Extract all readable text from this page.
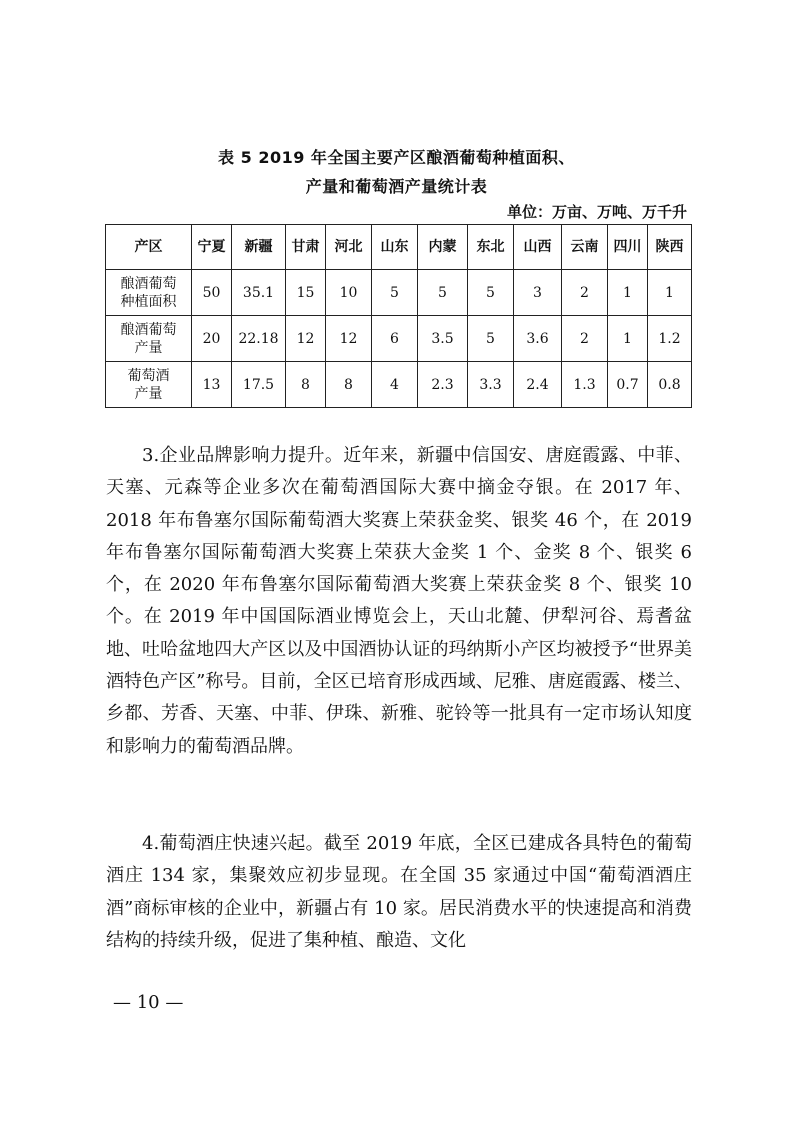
表 5 2019 年全国主要产区酿酒葡萄种植面积、
产量和葡萄酒产量统计表
单位：万亩、万吨、万千升
产区	宁夏	新疆	甘肃	河北	山东	内蒙	东北	山西	云南	四川	陕西

酿酒葡萄
种植面积	50	35.1	15	10	5	5	5	3	2	1	1

酿酒葡萄
产量	20	22.18	12	12	6	3.5	5	3.6	2	1	1.2

葡萄酒
产量	13	17.5	8	8	4	2.3	3.3	2.4	1.3	0.7	0.8

3.企业品牌影响力提升。近年来，新疆中信国安、唐庭霞露、中菲、天塞、元森等企业多次在葡萄酒国际大赛中摘金夺银。在 2017 年、2018 年布鲁塞尔国际葡萄酒大奖赛上荣获金奖、银奖 46 个，在 2019 年布鲁塞尔国际葡萄酒大奖赛上荣获大金奖 1 个、金奖 8 个、银奖 6 个，在 2020 年布鲁塞尔国际葡萄酒大奖赛上荣获金奖 8 个、银奖 10 个。在 2019 年中国国际酒业博览会上，天山北麓、伊犁河谷、焉耆盆地、吐哈盆地四大产区以及中国酒协认证的玛纳斯小产区均被授予“世界美酒特色产区”称号。目前，全区已培育形成西域、尼雅、唐庭霞露、楼兰、乡都、芳香、天塞、中菲、伊珠、新雅、驼铃等一批具有一定市场认知度和影响力的葡萄酒品牌。

4.葡萄酒庄快速兴起。截至 2019 年底，全区已建成各具特色的葡萄酒庄 134 家，集聚效应初步显现。在全国 35 家通过中国“葡萄酒酒庄酒”商标审核的企业中，新疆占有 10 家。居民消费水平的快速提高和消费结构的持续升级，促进了集种植、酿造、文化

— 10 —
